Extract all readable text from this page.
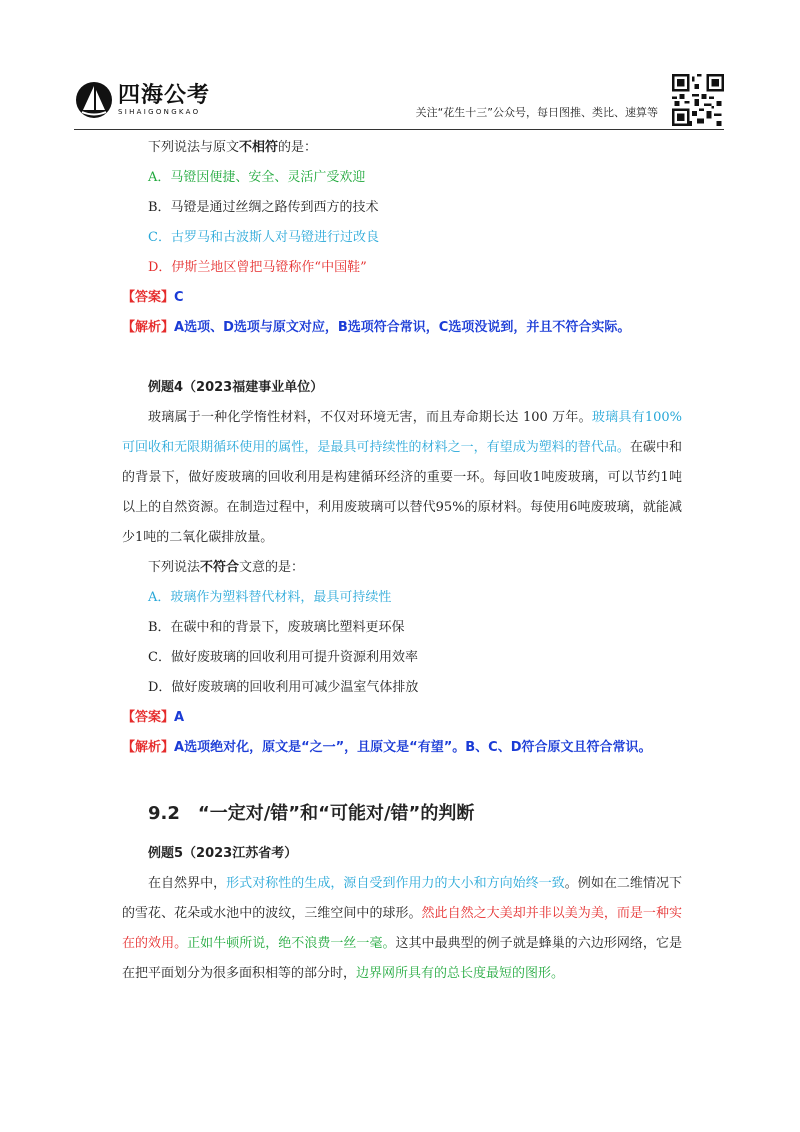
四海公考
SIHAIGONGKAO	关注“花生十三”公众号，每日图推、类比、速算等
下列说法与原文不相符的是：
A．马镫因便捷、安全、灵活广受欢迎
B．马镫是通过丝绸之路传到西方的技术
C．古罗马和古波斯人对马镫进行过改良
D．伊斯兰地区曾把马镫称作“中国鞋”
【答案】C
【解析】A选项、D选项与原文对应，B选项符合常识，C选项没说到，并且不符合实际。
例题4（2023福建事业单位）

玻璃属于一种化学惰性材料，不仅对环境无害，而且寿命期长达 100 万年。玻璃具有100%可回收和无限期循环使用的属性，是最具可持续性的材料之一，有望成为塑料的替代品。在碳中和的背景下，做好废玻璃的回收利用是构建循环经济的重要一环。每回收1吨废玻璃，可以节约1吨以上的自然资源。在制造过程中，利用废玻璃可以替代95%的原材料。每使用6吨废玻璃，就能减少1吨的二氧化碳排放量。

下列说法不符合文意的是：
A．玻璃作为塑料替代材料，最具可持续性
B．在碳中和的背景下，废玻璃比塑料更环保
C．做好废玻璃的回收利用可提升资源利用效率
D．做好废玻璃的回收利用可减少温室气体排放
【答案】A
【解析】A选项绝对化，原文是“之一”，且原文是“有望”。B、C、D符合原文且符合常识。
9.2　“一定对/错”和“可能对/错”的判断
例题5（2023江苏省考）

在自然界中，形式对称性的生成，源自受到作用力的大小和方向始终一致。例如在二维情况下的雪花、花朵或水池中的波纹，三维空间中的球形。然此自然之大美却并非以美为美，而是一种实在的效用。正如牛顿所说，绝不浪费一丝一毫。这其中最典型的例子就是蜂巢的六边形网络，它是在把平面划分为很多面积相等的部分时，边界网所具有的总长度最短的图形。
